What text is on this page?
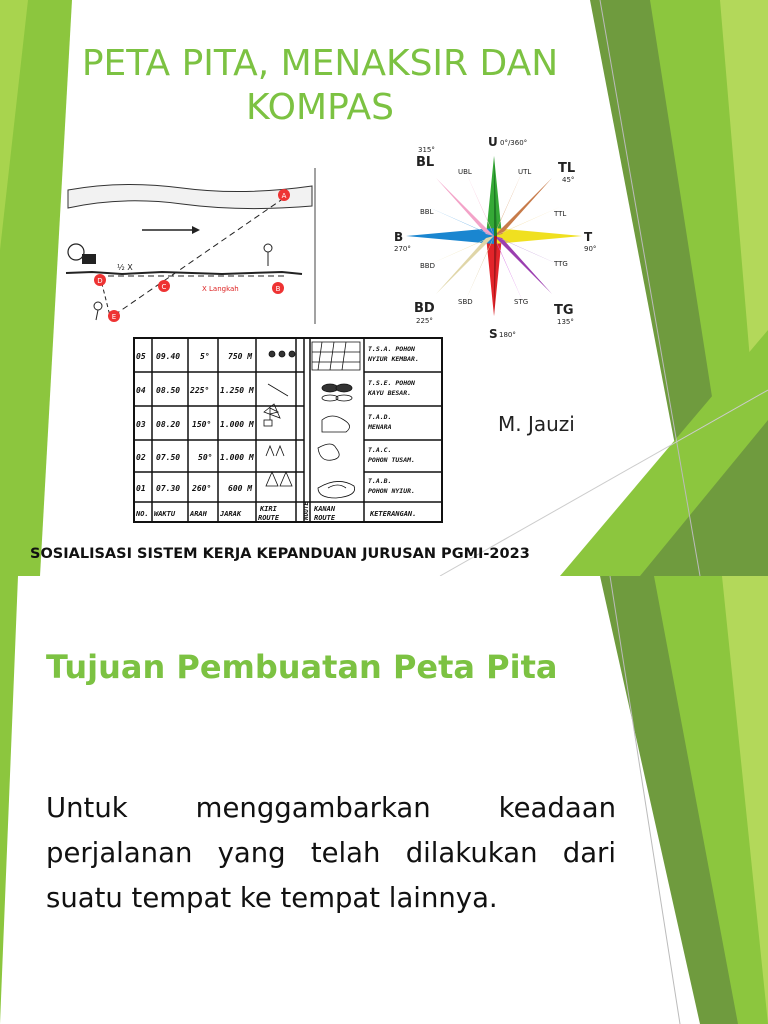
PETA PITA, MENAKSIR DAN
KOMPAS
½ X
X Langkah
A
B
C
D
E
U 0°/360°
TL
45°
T
90°
TG
135°
S 180°
BD
225°
B
270°
BL
315°
UBL	UTL
TTL
TTG
STG
SBD
BBD
BBL
NO. WAKTU ARAH JARAK
KIRI
ROUTE	ROUTE KANAN
ROUTE	KETERANGAN.
05 09.40 5° 750 M
T.S.A. POHON
NYIUR KEMBAR.
04 08.50 225° 1.250 M
T.S.E. POHON
KAYU BESAR.
03 08.20 150° 1.000 M
T.A.D.
MENARA
02 07.50 50° 1.000 M
T.A.C.
POHON TUSAM.
01 07.30 260° 600 M
T.A.B.
POHON NYIUR.
M. Jauzi
SOSIALISASI SISTEM KERJA KEPANDUAN JURUSAN PGMI-2023
Tujuan Pembuatan Peta Pita
Untuk menggambarkan keadaan perjalanan yang telah dilakukan dari suatu tempat ke tempat lainnya.
